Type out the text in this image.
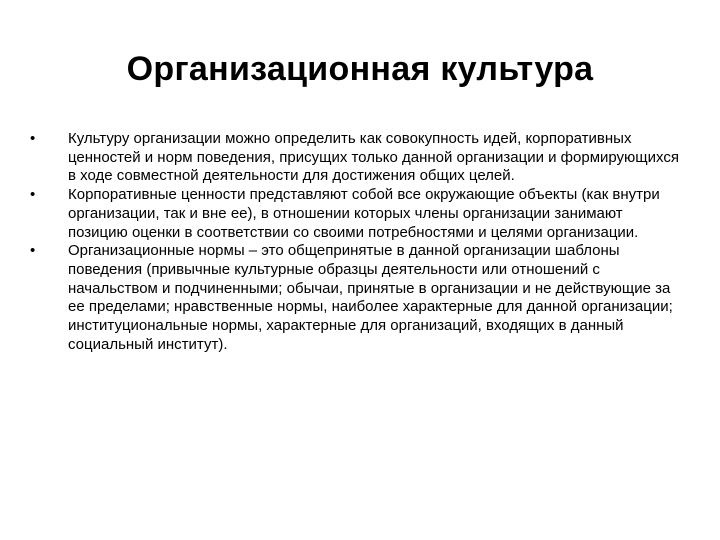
Организационная культура
•	Культуру организации можно определить как совокупность идей, корпоративных ценностей и норм поведения, присущих только данной организации и формирующихся в ходе совместной деятельности для достижения общих целей.
•	Корпоративные ценности представляют собой все окружающие объекты (как внутри организации, так и вне ее), в отношении которых члены организации занимают позицию оценки в соответствии со своими потребностями и целями организации.
•	Организационные нормы – это общепринятые в данной организации шаблоны поведения (привычные культурные образцы деятельности или отношений с начальством и подчиненными; обычаи, принятые в организации и не действующие за ее пределами; нравственные нормы, наиболее характерные для данной организации; институциональные нормы, характерные для организаций, входящих в данный социальный институт).
